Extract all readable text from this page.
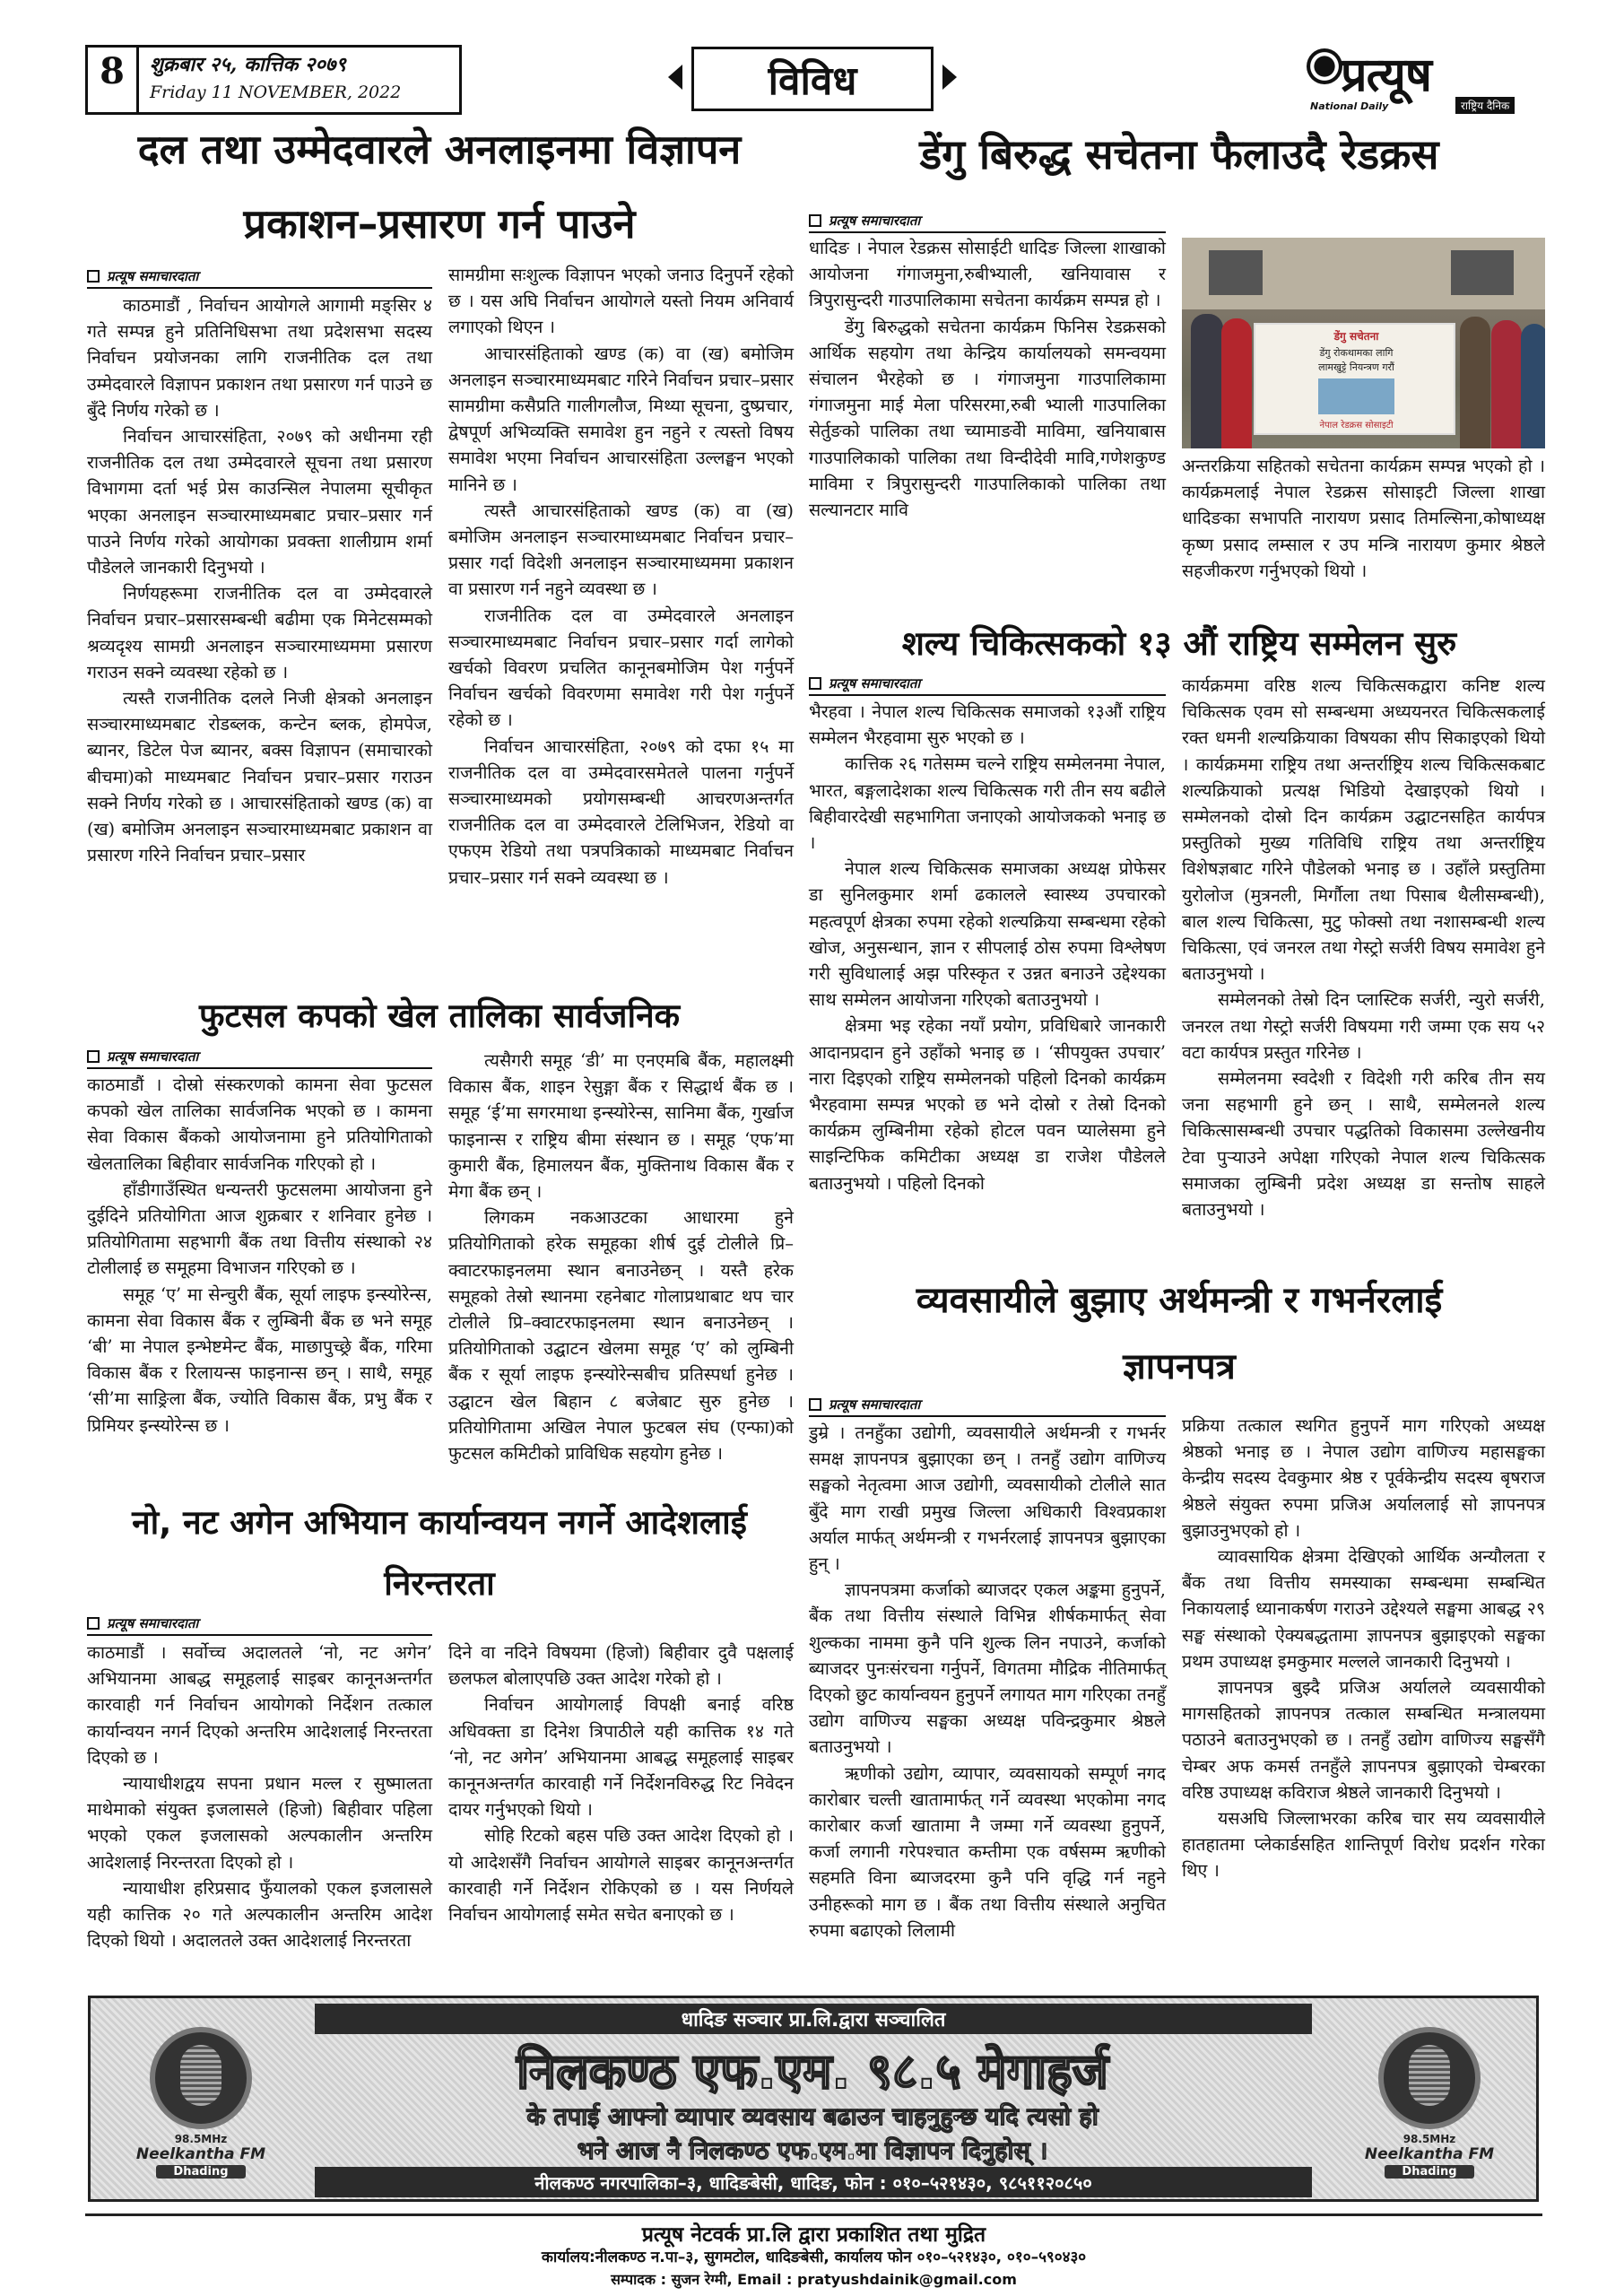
8	शुक्रबार २५, कात्तिक २०७९
Friday 11 NOVEMBER, 2022	विविध	प्रत्यूष
National Daily	राष्ट्रिय दैनिक
दल तथा उम्मेदवारले अनलाइनमा विज्ञापन
प्रकाशन–प्रसारण गर्न पाउने
प्रत्यूष समाचारदाता

काठमाडौं , निर्वाचन आयोगले आगामी मङ्सिर ४ गते सम्पन्न हुने प्रतिनिधिसभा तथा प्रदेशसभा सदस्य निर्वाचन प्रयोजनका लागि राजनीतिक दल तथा उम्मेदवारले विज्ञापन प्रकाशन तथा प्रसारण गर्न पाउने छ बुँदे निर्णय गरेको छ ।

निर्वाचन आचारसंहिता, २०७९ को अधीनमा रही राजनीतिक दल तथा उम्मेदवारले सूचना तथा प्रसारण विभागमा दर्ता भई प्रेस काउन्सिल नेपालमा सूचीकृत भएका अनलाइन सञ्चारमाध्यमबाट प्रचार–प्रसार गर्न पाउने निर्णय गरेको आयोगका प्रवक्ता शालीग्राम शर्मा पौडेलले जानकारी दिनुभयो ।

निर्णयहरूमा राजनीतिक दल वा उम्मेदवारले निर्वाचन प्रचार–प्रसारसम्बन्धी बढीमा एक मिनेटसम्मको श्रव्यदृश्य सामग्री अनलाइन सञ्चारमाध्यममा प्रसारण गराउन सक्ने व्यवस्था रहेको छ ।

त्यस्तै राजनीतिक दलले निजी क्षेत्रको अनलाइन सञ्चारमाध्यमबाट रोडब्लक, कन्टेन ब्लक, होमपेज, ब्यानर, डिटेल पेज ब्यानर, बक्स विज्ञापन (समाचारको बीचमा)को माध्यमबाट निर्वाचन प्रचार–प्रसार गराउन सक्ने निर्णय गरेको छ । आचारसंहिताको खण्ड (क) वा (ख) बमोजिम अनलाइन सञ्चारमाध्यमबाट प्रकाशन वा प्रसारण गरिने निर्वाचन प्रचार–प्रसार

सामग्रीमा सःशुल्क विज्ञापन भएको जनाउ दिनुपर्ने रहेको छ । यस अघि निर्वाचन आयोगले यस्तो नियम अनिवार्य लगाएको थिएन ।

आचारसंहिताको खण्ड (क) वा (ख) बमोजिम अनलाइन सञ्चारमाध्यमबाट गरिने निर्वाचन प्रचार–प्रसार सामग्रीमा कसैप्रति गालीगलौज, मिथ्या सूचना, दुष्प्रचार, द्वेषपूर्ण अभिव्यक्ति समावेश हुन नहुने र त्यस्तो विषय समावेश भएमा निर्वाचन आचारसंहिता उल्लङ्घन भएको मानिने छ ।

त्यस्तै आचारसंहिताको खण्ड (क) वा (ख) बमोजिम अनलाइन सञ्चारमाध्यमबाट निर्वाचन प्रचार–प्रसार गर्दा विदेशी अनलाइन सञ्चारमाध्यममा प्रकाशन वा प्रसारण गर्न नहुने व्यवस्था छ ।

राजनीतिक दल वा उम्मेदवारले अनलाइन सञ्चारमाध्यमबाट निर्वाचन प्रचार–प्रसार गर्दा लागेको खर्चको विवरण प्रचलित कानूनबमोजिम पेश गर्नुपर्ने निर्वाचन खर्चको विवरणमा समावेश गरी पेश गर्नुपर्ने रहेको छ ।

निर्वाचन आचारसंहिता, २०७९ को दफा १५ मा राजनीतिक दल वा उम्मेदवारसमेतले पालना गर्नुपर्ने सञ्चारमाध्यमको प्रयोगसम्बन्धी आचरणअन्तर्गत राजनीतिक दल वा उम्मेदवारले टेलिभिजन, रेडियो वा एफएम रेडियो तथा पत्रपत्रिकाको माध्यमबाट निर्वाचन प्रचार–प्रसार गर्न सक्ने व्यवस्था छ ।

फुटसल कपको खेल तालिका सार्वजनिक
प्रत्यूष समाचारदाता

काठमाडौं । दोस्रो संस्करणको कामना सेवा फुटसल कपको खेल तालिका सार्वजनिक भएको छ । कामना सेवा विकास बैंकको आयोजनामा हुने प्रतियोगिताको खेलतालिका बिहीवार सार्वजनिक गरिएको हो ।

हाँडीगाउँस्थित धन्यन्तरी फुटसलमा आयोजना हुने दुईदिने प्रतियोगिता आज शुक्रबार र शनिवार हुनेछ । प्रतियोगितामा सहभागी बैंक तथा वित्तीय संस्थाको २४ टोलीलाई छ समूहमा विभाजन गरिएको छ ।

समूह ‘ए’ मा सेन्चुरी बैंक, सूर्या लाइफ इन्स्योरेन्स, कामना सेवा विकास बैंक र लुम्बिनी बैंक छ भने समूह ‘बी’ मा नेपाल इन्भेष्टमेन्ट बैंक, माछापुच्छ्रे बैंक, गरिमा विकास बैंक र रिलायन्स फाइनान्स छन् । साथै, समूह ‘सी’मा साङ्रिला बैंक, ज्योति विकास बैंक, प्रभु बैंक र प्रिमियर इन्स्योरेन्स छ ।

त्यसैगरी समूह ‘डी’ मा एनएमबि बैंक, महालक्ष्मी विकास बैंक, शाइन रेसुङ्गा बैंक र सिद्धार्थ बैंक छ । समूह ‘ई’मा सगरमाथा इन्स्योरेन्स, सानिमा बैंक, गुर्खाज फाइनान्स र राष्ट्रिय बीमा संस्थान छ । समूह ‘एफ’मा कुमारी बैंक, हिमालयन बैंक, मुक्तिनाथ विकास बैंक र मेगा बैंक छन् ।

लिगकम नकआउटका आधारमा हुने प्रतियोगिताको हरेक समूहका शीर्ष दुई टोलीले प्रि–क्वाटरफाइनलमा स्थान बनाउनेछन् । यस्तै हरेक समूहको तेस्रो स्थानमा रहनेबाट गोलाप्रथाबाट थप चार टोलीले प्रि–क्वाटरफाइनलमा स्थान बनाउनेछन् । प्रतियोगिताको उद्घाटन खेलमा समूह ‘ए’ को लुम्बिनी बैंक र सूर्या लाइफ इन्स्योरेन्सबीच प्रतिस्पर्धा हुनेछ । उद्घाटन खेल बिहान ८ बजेबाट सुरु हुनेछ । प्रतियोगितामा अखिल नेपाल फुटबल संघ (एन्फा)को फुटसल कमिटीको प्राविधिक सहयोग हुनेछ ।

नो, नट अगेन अभियान कार्यान्वयन नगर्ने आदेशलाई
निरन्तरता
प्रत्यूष समाचारदाता

काठमाडौं । सर्वोच्च अदालतले ‘नो, नट अगेन’ अभियानमा आबद्ध समूहलाई साइबर कानूनअन्तर्गत कारवाही गर्न निर्वाचन आयोगको निर्देशन तत्काल कार्यान्वयन नगर्न दिएको अन्तरिम आदेशलाई निरन्तरता दिएको छ ।

न्यायाधीशद्वय सपना प्रधान मल्ल र सुष्मालता माथेमाको संयुक्त इजलासले (हिजो) बिहीवार पहिला भएको एकल इजलासको अल्पकालीन अन्तरिम आदेशलाई निरन्तरता दिएको हो ।

न्यायाधीश हरिप्रसाद फुँयालको एकल इजलासले यही कात्तिक २० गते अल्पकालीन अन्तरिम आदेश दिएको थियो । अदालतले उक्त आदेशलाई निरन्तरता

दिने वा नदिने विषयमा (हिजो) बिहीवार दुवै पक्षलाई छलफल बोलाएपछि उक्त आदेश गरेको हो ।

निर्वाचन आयोगलाई विपक्षी बनाई वरिष्ठ अधिवक्ता डा दिनेश त्रिपाठीले यही कात्तिक १४ गते ‘नो, नट अगेन’ अभियानमा आबद्ध समूहलाई साइबर कानूनअन्तर्गत कारवाही गर्ने निर्देशनविरुद्ध रिट निवेदन दायर गर्नुभएको थियो ।

सोहि रिटको बहस पछि उक्त आदेश दिएको हो । यो आदेशसँगै निर्वाचन आयोगले साइबर कानूनअन्तर्गत कारवाही गर्ने निर्देशन रोकिएको छ । यस निर्णयले निर्वाचन आयोगलाई समेत सचेत बनाएको छ ।

डेंगु बिरुद्ध सचेतना फैलाउदै रेडक्रस
प्रत्यूष समाचारदाता

धादिङ । नेपाल रेडक्रस सोसाईटी धादिङ जिल्ला शाखाको आयोजना गंगाजमुना,रुबीभ्याली, खनियावास र त्रिपुरासुन्दरी गाउपालिकामा सचेतना कार्यक्रम सम्पन्न हो ।

डेंगु बिरुद्धको सचेतना कार्यक्रम फिनिस रेडक्रसको आर्थिक सहयोग तथा केन्द्रिय कार्यालयको समन्वयमा संचालन भैरहेको छ । गंगाजमुना गाउपालिकामा गंगाजमुना माई मेला परिसरमा,रुबी भ्याली गाउपालिका सेर्तुङको पालिका तथा च्यामाङवेी माविमा, खनियाबास गाउपालिकाको पालिका तथा विन्दीदेवी मावि,गणेशकुण्ड मावि​मा र त्रिपुरासुन्दरी गाउपालिकाको पालिका तथा सल्यानटार मावि

डेंगु सचेतना
डेंगु रोकथामका लागि
लामखुट्टे नियन्त्रण गरौं
नेपाल रेडक्रस सोसाइटी

अन्तरक्रिया सहितको सचेतना कार्यक्रम सम्पन्न भएको हो । कार्यक्रमलाई नेपाल रेडक्रस सोसाइटी जिल्ला शाखा धादिङका सभापति नारायण प्रसाद तिमल्सिना,कोषाध्यक्ष कृष्ण प्रसाद लम्साल र उप मन्त्रि नारायण कुमार श्रेष्ठले सहजीकरण गर्नुभएको थियो ।

शल्य चिकित्सकको १३ औं राष्ट्रिय सम्मेलन सुरु
प्रत्यूष समाचारदाता

भैरहवा । नेपाल शल्य चिकित्सक समाजको १३औं राष्ट्रिय सम्मेलन भैरहवामा सुरु भएको छ ।

कात्तिक २६ गतेसम्म चल्ने राष्ट्रिय सम्मेलनमा नेपाल, भारत, बङ्गलादेशका शल्य चिकित्सक गरी तीन सय बढीले बिहीवारदेखी सहभागिता जनाएको आयोजकको भनाइ छ ।

नेपाल शल्य चिकित्सक समाजका अध्यक्ष प्रोफेसर डा सुनिलकुमार शर्मा ढकालले स्वास्थ्य उपचारको महत्वपूर्ण क्षेत्रका रुपमा रहेको शल्यक्रिया सम्बन्धमा रहेको खोज, अनुसन्धान, ज्ञान र सीपलाई ठोस रुपमा विश्लेषण गरी सुविधालाई अझ परिस्कृत र उन्नत बनाउने उद्देश्यका साथ सम्मेलन आयोजना गरिएको बताउनुभयो ।

क्षेत्रमा भइ रहेका नयाँ प्रयोग, प्रविधिबारे जानकारी आदानप्रदान हुने उहाँको भनाइ छ । ‘सीपयुक्त उपचार’ नारा दिइएको राष्ट्रिय सम्मेलनको पहिलो दिनको कार्यक्रम भैरहवामा सम्पन्न भएको छ भने दोस्रो र तेस्रो दिनको कार्यक्रम लुम्बिनीमा रहेको होटल पवन प्यालेसमा हुने साइन्टिफिक कमिटीका अध्यक्ष डा राजेश पौडेलले बताउनुभयो । पहिलो दिनको

कार्यक्रममा वरिष्ठ शल्य चिकित्सकद्वारा कनिष्ट शल्य चिकित्सक एवम सो सम्बन्धमा अध्ययनरत चिकित्सकलाई रक्त धमनी शल्यक्रियाका विषयका सीप सिकाइएको थियो । कार्यक्रममा राष्ट्रिय तथा अन्तर्राष्ट्रिय शल्य चिकित्सकबाट शल्यक्रियाको प्रत्यक्ष भिडियो देखाइएको थियो । सम्मेलनको दोस्रो दिन कार्यक्रम उद्घाटनसहित कार्यपत्र प्रस्तुतिको मुख्य गतिविधि राष्ट्रिय तथा अन्तर्राष्ट्रिय विशेषज्ञबाट गरिने पौडेलको भनाइ छ । उहाँले प्रस्तुतिमा युरोलोज (मुत्रनली, मिर्गौला तथा पिसाब थैलीसम्बन्धी), बाल शल्य चिकित्सा, मुटु फोक्सो तथा नशासम्बन्धी शल्य चिकित्सा, एवं जनरल तथा गेस्ट्रो सर्जरी विषय समावेश हुने बताउनुभयो ।

सम्मेलनको तेस्रो दिन प्लास्टिक सर्जरी, न्युरो सर्जरी, जनरल तथा गेस्ट्रो सर्जरी विषयमा गरी जम्मा एक सय ५२ वटा कार्यपत्र प्रस्तुत गरिनेछ ।

सम्मेलनमा स्वदेशी र विदेशी गरी करिब तीन सय जना सहभागी हुने छन् । साथै, सम्मेलनले शल्य चिकित्सासम्बन्धी उपचार पद्धतिको विकासमा उल्लेखनीय टेवा पुऱ्याउने अपेक्षा गरिएको नेपाल शल्य चिकित्सक समाजका लुम्बिनी प्रदेश अध्यक्ष डा सन्तोष साहले बताउनुभयो ।

व्यवसायीले बुझाए अर्थमन्त्री र गभर्नरलाई
ज्ञापनपत्र
प्रत्यूष समाचारदाता

डुम्रे । तनहुँका उद्योगी, व्यवसायीले अर्थमन्त्री र गभर्नर समक्ष ज्ञापनपत्र बुझाएका छन् । तनहुँ उद्योग वाणिज्य सङ्घको नेतृत्वमा आज उद्योगी, व्यवसायीको टोलीले सात बुँदे माग राखी प्रमुख जिल्ला अधिकारी विश्वप्रकाश अर्याल मार्फत् अर्थमन्त्री र गभर्नरलाई ज्ञापनपत्र बुझाएका हुन् ।

ज्ञापनपत्रमा कर्जाको ब्याजदर एकल अङ्कमा हुनुपर्ने, बैंक तथा वित्तीय संस्थाले विभिन्न शीर्षकमार्फत् सेवा शुल्कका नाममा कुनै पनि शुल्क लिन नपाउने, कर्जाको ब्याजदर पुनःसंरचना गर्नुपर्ने, विगतमा मौद्रिक नीतिमार्फत् दिएको छुट कार्यान्वयन हुनुपर्ने लगायत माग गरिएका तनहुँ उद्योग वाणिज्य सङ्घका अध्यक्ष पविन्द्रकुमार श्रेष्ठले बताउनुभयो ।

ऋणीको उद्योग, व्यापार, व्यवसायको सम्पूर्ण नगद कारोबार चल्ती खातामार्फत् गर्ने व्यवस्था भएकोमा नगद कारोबार कर्जा खातामा नै जम्मा गर्ने व्यवस्था हुनुपर्ने, कर्जा लगानी गरेपश्चात कम्तीमा एक वर्षसम्म ऋणीको सहमति विना ब्याजदरमा कुनै पनि वृद्धि गर्न नहुने उनीहरूको माग छ । बैंक तथा वित्तीय संस्थाले अनुचित रुपमा बढाएको लिलामी

प्रक्रिया तत्काल स्थगित हुनुपर्ने माग गरिएको अध्यक्ष श्रेष्ठको भनाइ छ । नेपाल उद्योग वाणिज्य महासङ्घका केन्द्रीय सदस्य देवकुमार श्रेष्ठ र पूर्वकेन्द्रीय सदस्य बृषराज श्रेष्ठले संयुक्त रुपमा प्रजिअ अर्याललाई सो ज्ञापनपत्र बुझाउनुभएको हो ।

व्यावसायिक क्षेत्रमा देखिएको आर्थिक अन्यौलता र बैंक तथा वित्तीय समस्याका सम्बन्धमा सम्बन्धित निकायलाई ध्यानाकर्षण गराउने उद्देश्यले सङ्घमा आबद्ध २९ सङ्घ संस्थाको ऐक्यबद्धतामा ज्ञापनपत्र बुझाइएको सङ्घका प्रथम उपाध्यक्ष इमकुमार मल्लले जानकारी दिनुभयो ।

ज्ञापनपत्र बुझ्दै प्रजिअ अर्यालले व्यवसायीको मागसहितको ज्ञापनपत्र तत्काल सम्बन्धित मन्त्रालयमा पठाउने बताउनुभएको छ । तनहुँ उद्योग वाणिज्य सङ्घसँगै चेम्बर अफ कमर्स तनहुँले ज्ञापनपत्र बुझाएको चेम्बरका वरिष्ठ उपाध्यक्ष कविराज श्रेष्ठले जानकारी दिनुभयो ।

यसअघि जिल्लाभरका करिब चार सय व्यवसायीले हातहातमा प्लेकार्डसहित शान्तिपूर्ण विरोध प्रदर्शन गरेका थिए ।

धादिङ सञ्चार प्रा.लि.द्वारा सञ्चालित
निलकण्ठ एफ.एम. ९८.५ मेगाहर्ज
के तपाई आफ्नो व्यापार व्यवसाय बढाउन चाहनुहुन्छ यदि त्यसो हो
भने आज नै निलकण्ठ एफ.एम.मा विज्ञापन दिनुहोस् ।
नीलकण्ठ नगरपालिका–३, धादिङबेसी, धादिङ, फोन : ०१०–५२१४३०, ९८५११२०८५०
98.5MHz
Neelkantha FM
Dhading
98.5MHz
Neelkantha FM
Dhading
प्रत्यूष नेटवर्क प्रा.लि द्वारा प्रकाशित तथा मुद्रित
कार्यालय:नीलकण्ठ न.पा–३, सुगमटोल, धादिङबेसी, कार्यालय फोन ०१०–५२१४३०, ०१०–५९०४३०
सम्पादक : सुजन रेग्मी, Email : pratyushdainik@gmail.com
